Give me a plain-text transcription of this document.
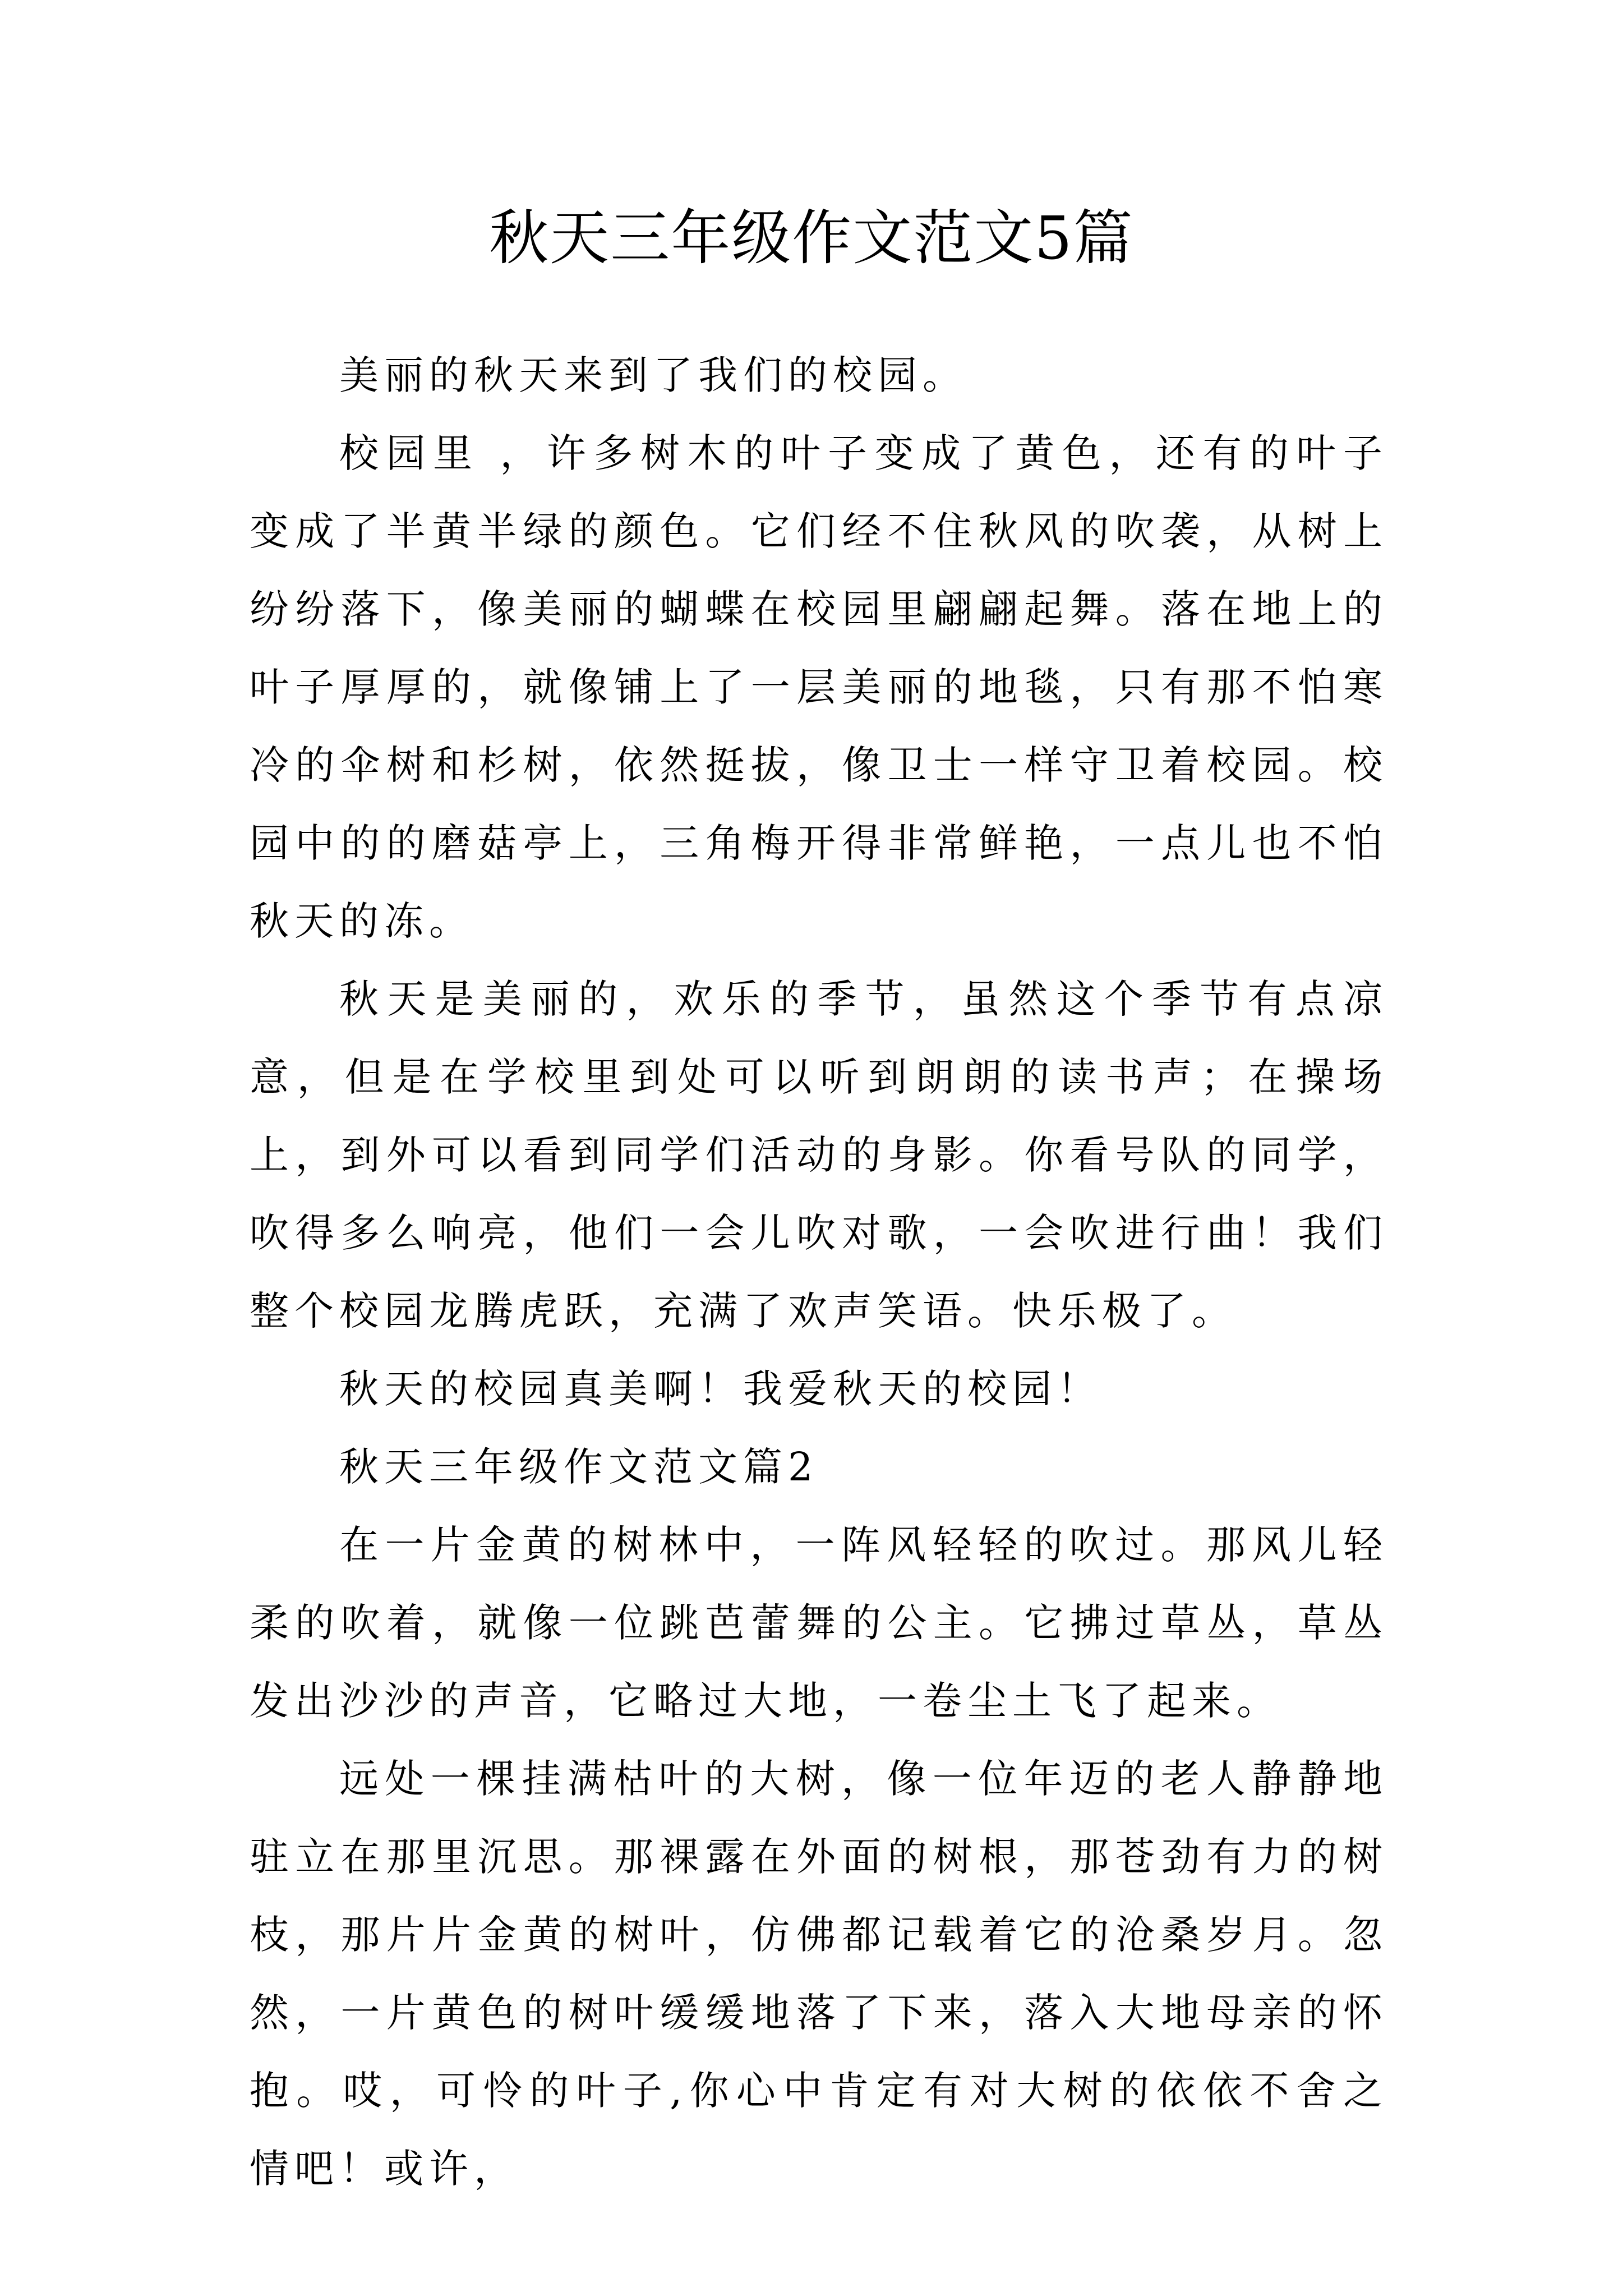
秋天三年级作文范文5篇

美丽的秋天来到了我们的校园。

校园里 ，许多树木的叶子变成了黄色，还有的叶子变成了半黄半绿的颜色。它们经不住秋风的吹袭，从树上纷纷落下，像美丽的蝴蝶在校园里翩翩起舞。落在地上的叶子厚厚的，就像铺上了一层美丽的地毯，只有那不怕寒冷的伞树和杉树，依然挺拔，像卫士一样守卫着校园。校园中的的磨菇亭上，三角梅开得非常鲜艳，一点儿也不怕秋天的冻。

秋天是美丽的，欢乐的季节，虽然这个季节有点凉意，但是在学校里到处可以听到朗朗的读书声；在操场上，到外可以看到同学们活动的身影。你看号队的同学，吹得多么响亮，他们一会儿吹对歌，一会吹进行曲！我们整个校园龙腾虎跃，充满了欢声笑语。快乐极了。

秋天的校园真美啊！我爱秋天的校园！

秋天三年级作文范文篇2

在一片金黄的树林中，一阵风轻轻的吹过。那风儿轻柔的吹着，就像一位跳芭蕾舞的公主。它拂过草丛，草丛发出沙沙的声音，它略过大地，一卷尘土飞了起来。

远处一棵挂满枯叶的大树，像一位年迈的老人静静地驻立在那里沉思。那裸露在外面的树根，那苍劲有力的树枝，那片片金黄的树叶，仿佛都记载着它的沧桑岁月。忽然，一片黄色的树叶缓缓地落了下来，落入大地母亲的怀抱。哎，可怜的叶子,你心中肯定有对大树的依依不舍之情吧！或许，
